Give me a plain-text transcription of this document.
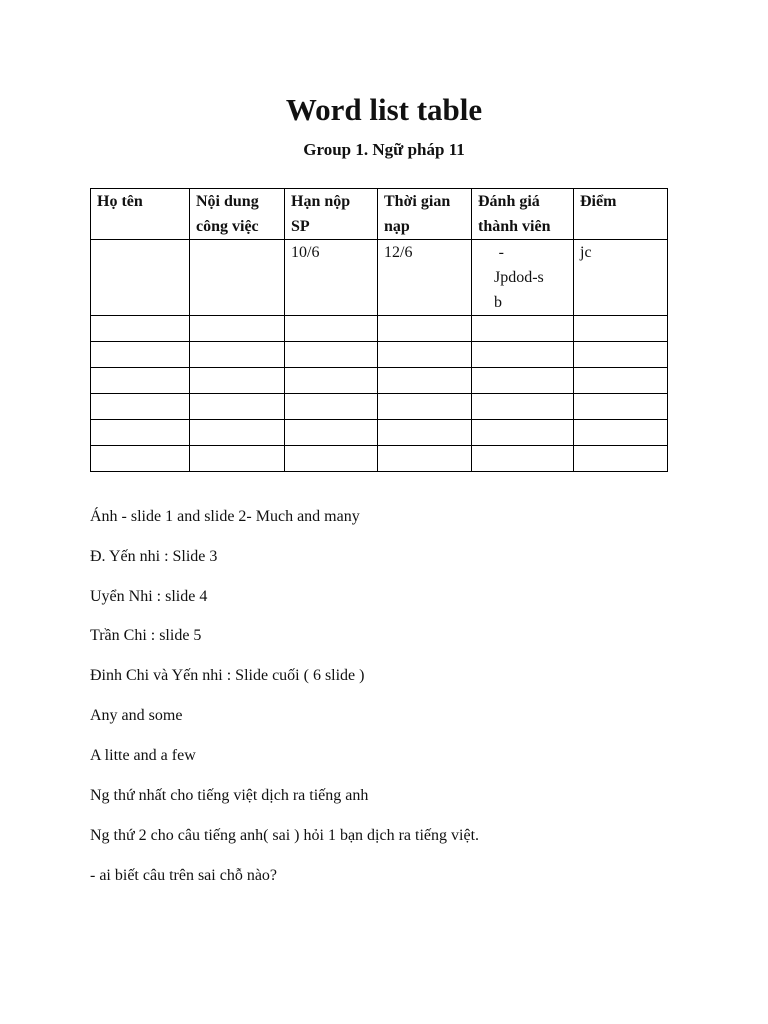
Word list table
Group 1. Ngữ pháp 11
Họ tên	Nội dung công việc	Hạn nộp SP	Thời gian nạp	Đánh giá thành viên	Điểm
		10/6	12/6	-Jpdod-sb	jc

Ánh - slide 1 and slide 2- Much and many
Đ. Yến nhi : Slide 3
Uyển Nhi : slide 4
Trần Chi : slide 5
Đinh Chi và Yến nhi : Slide cuối ( 6 slide )
Any and some
A litte and a few
Ng thứ nhất cho tiếng việt dịch ra tiếng anh
Ng thứ 2 cho câu tiếng anh( sai ) hỏi 1 bạn dịch ra tiếng việt.
- ai biết câu trên sai chỗ nào?
